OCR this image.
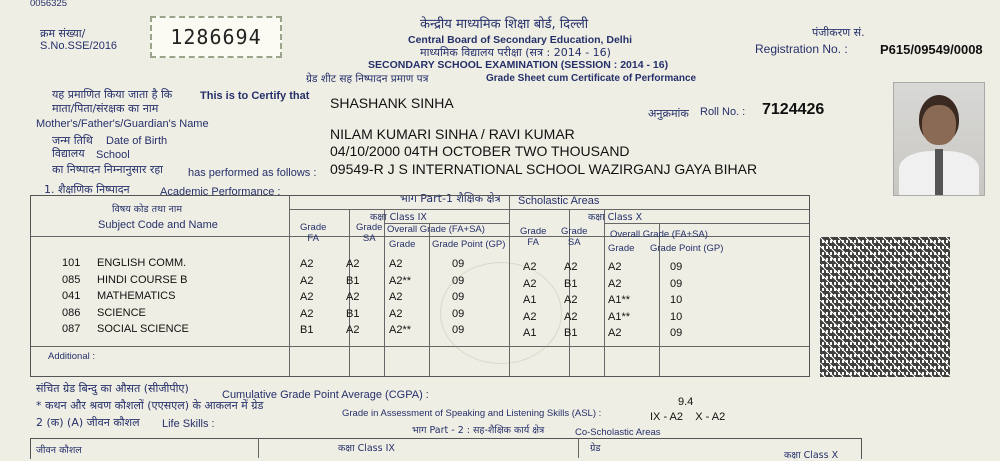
0056325
क्रम संख्या/
S.No.SSE/2016	1286694
केन्द्रीय माध्यमिक शिक्षा बोर्ड, दिल्ली
Central Board of Secondary Education, Delhi
माध्यमिक विद्यालय परीक्षा (सत्र : 2014 - 16)
SECONDARY SCHOOL EXAMINATION (SESSION : 2014 - 16)
ग्रेड शीट सह निष्पादन प्रमाण पत्र	Grade Sheet cum Certificate of Performance
पंजीकरण सं.
Registration No. : P615/09549/0008
यह प्रमाणित किया जाता है कि	This is to Certify that SHASHANK SINHA
अनुक्रमांक Roll No. : 7124426
माता/पिता/संरक्षक का नाम
Mother's/Father's/Guardian's Name
NILAM KUMARI SINHA / RAVI KUMAR
जन्म तिथि Date of Birth
04/10/2000 04TH OCTOBER TWO THOUSAND
विद्यालय School
09549-R J S INTERNATIONAL SCHOOL WAZIRGANJ GAYA BIHAR
का निष्पादन निम्नानुसार रहा has performed as follows :
1. शैक्षणिक निष्पादन	Academic Performance :	भाग Part-1 शैक्षिक क्षेत्र Scholastic Areas
विषय कोड तथा नाम
Subject Code and Name
कक्षा Class IX	कक्षा Class X
Grade
FA
Grade
SA
Overall Grade (FA+SA)
Grade Grade Point (GP)
Grade
FA
Grade
SA
Overall Grade (FA+SA)
Grade Grade Point (GP)
101 ENGLISH COMM.	A2	A2	A2	09	A2	A2	A2	09
085 HINDI COURSE B	A2	B1	A2**	09	A2	B1	A2	09
041 MATHEMATICS	A2	A2	A2	09	A1	A2	A1**	10
086 SCIENCE	A2	B1	A2	09	A2	A2	A1**	10
087 SOCIAL SCIENCE	B1	A2	A2**	09	A1	B1	A2	09
Additional :
संचित ग्रेड बिन्दु का औसत (सीजीपीए)	Cumulative Grade Point Average (CGPA) :
9.4
* कथन और श्रवण कौशलों (एएसएल) के आकलन में ग्रेड
Grade in Assessment of Speaking and Listening Skills (ASL) :	IX - A2    X - A2
2 (क) (A) जीवन कौशल Life Skills :
भाग Part - 2 : सह-शैक्षिक कार्य क्षेत्र	Co-Scholastic Areas
जीवन कौशल	कक्षा Class IX	ग्रेड
कक्षा Class X
